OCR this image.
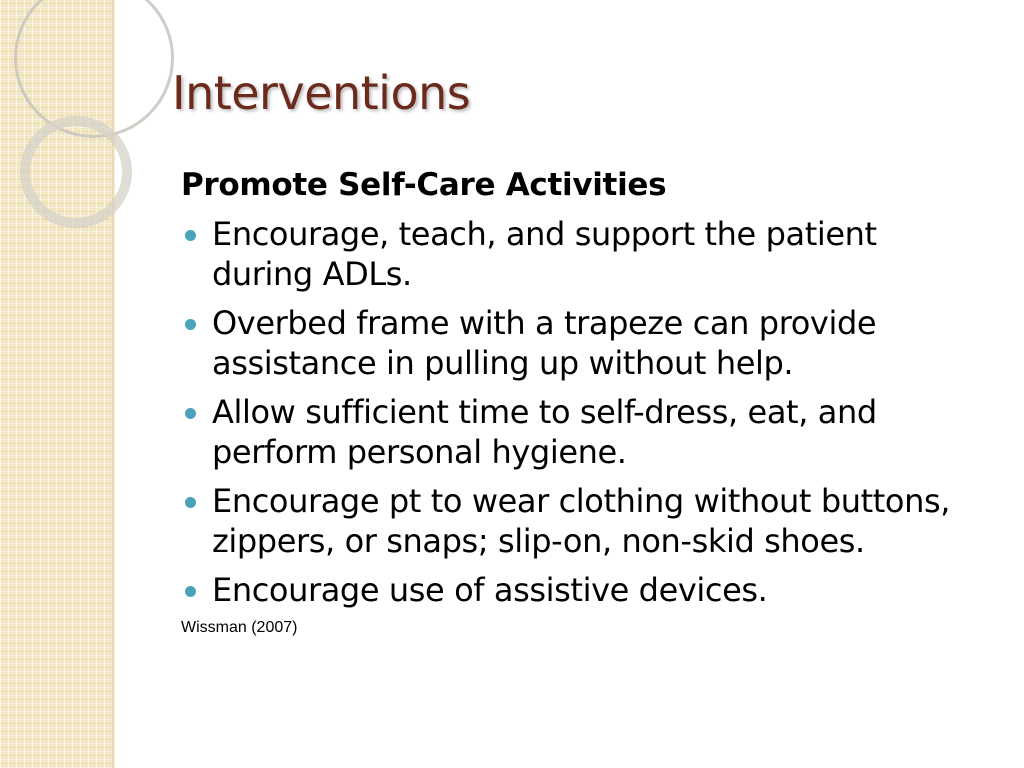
Interventions
Promote Self-Care Activities
Encourage, teach, and support the patient during ADLs.
Overbed frame with a trapeze can provide assistance in pulling up without help.
Allow sufficient time to self-dress, eat, and perform personal hygiene.
Encourage pt to wear clothing without buttons, zippers, or snaps; slip-on, non-skid shoes.
Encourage use of assistive devices.
Wissman (2007)
